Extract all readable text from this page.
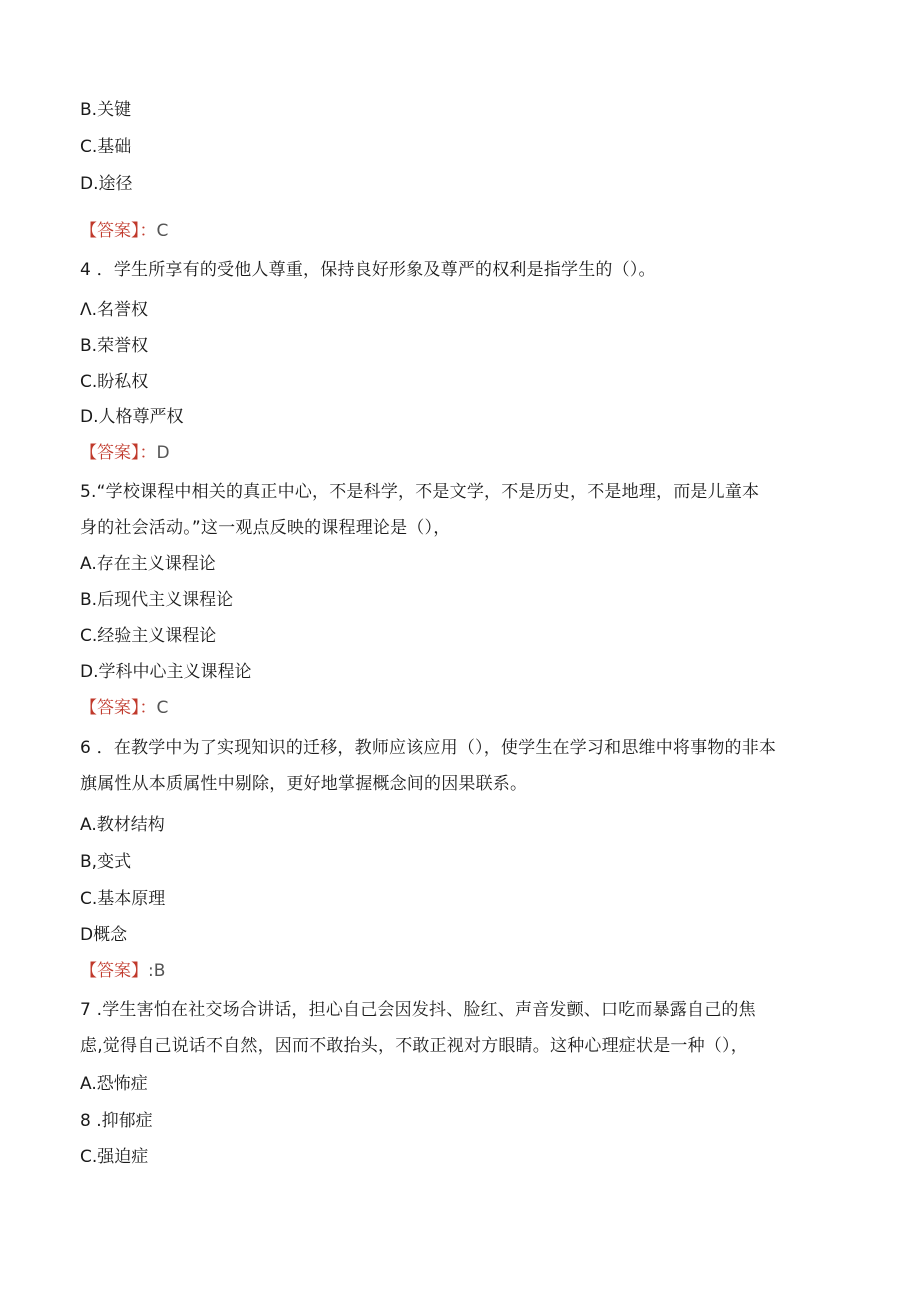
B.关键
C.基础
D.途径
【答案】：C
4 ．学生所享有的受他人尊重，保持良好形象及尊严的权利是指学生的（）。
Λ.名誉权
B.荣誉权
C.盼私权
D.人格尊严权
【答案】：D
5.“学校课程中相关的真正中心，不是科学，不是文学，不是历史，不是地理，而是儿童本
身的社会活动。”这一观点反映的课程理论是（），
A.存在主义课程论
B.后现代主义课程论
C.经验主义课程论
D.学科中心主义课程论
【答案】：C
6 ．在教学中为了实现知识的迁移，教师应该应用（），使学生在学习和思维中将事物的非本
旗属性从本质属性中剔除，更好地掌握概念间的因果联系。
A.教材结构
B,变式
C.基本原理
D概念
【答案】:B
7 .学生害怕在社交场合讲话，担心自己会因发抖、脸红、声音发颤、口吃而暴露自己的焦
虑,觉得自己说话不自然，因而不敢抬头，不敢正视对方眼睛。这种心理症状是一种（），
A.恐怖症
8 .抑郁症
C.强迫症
